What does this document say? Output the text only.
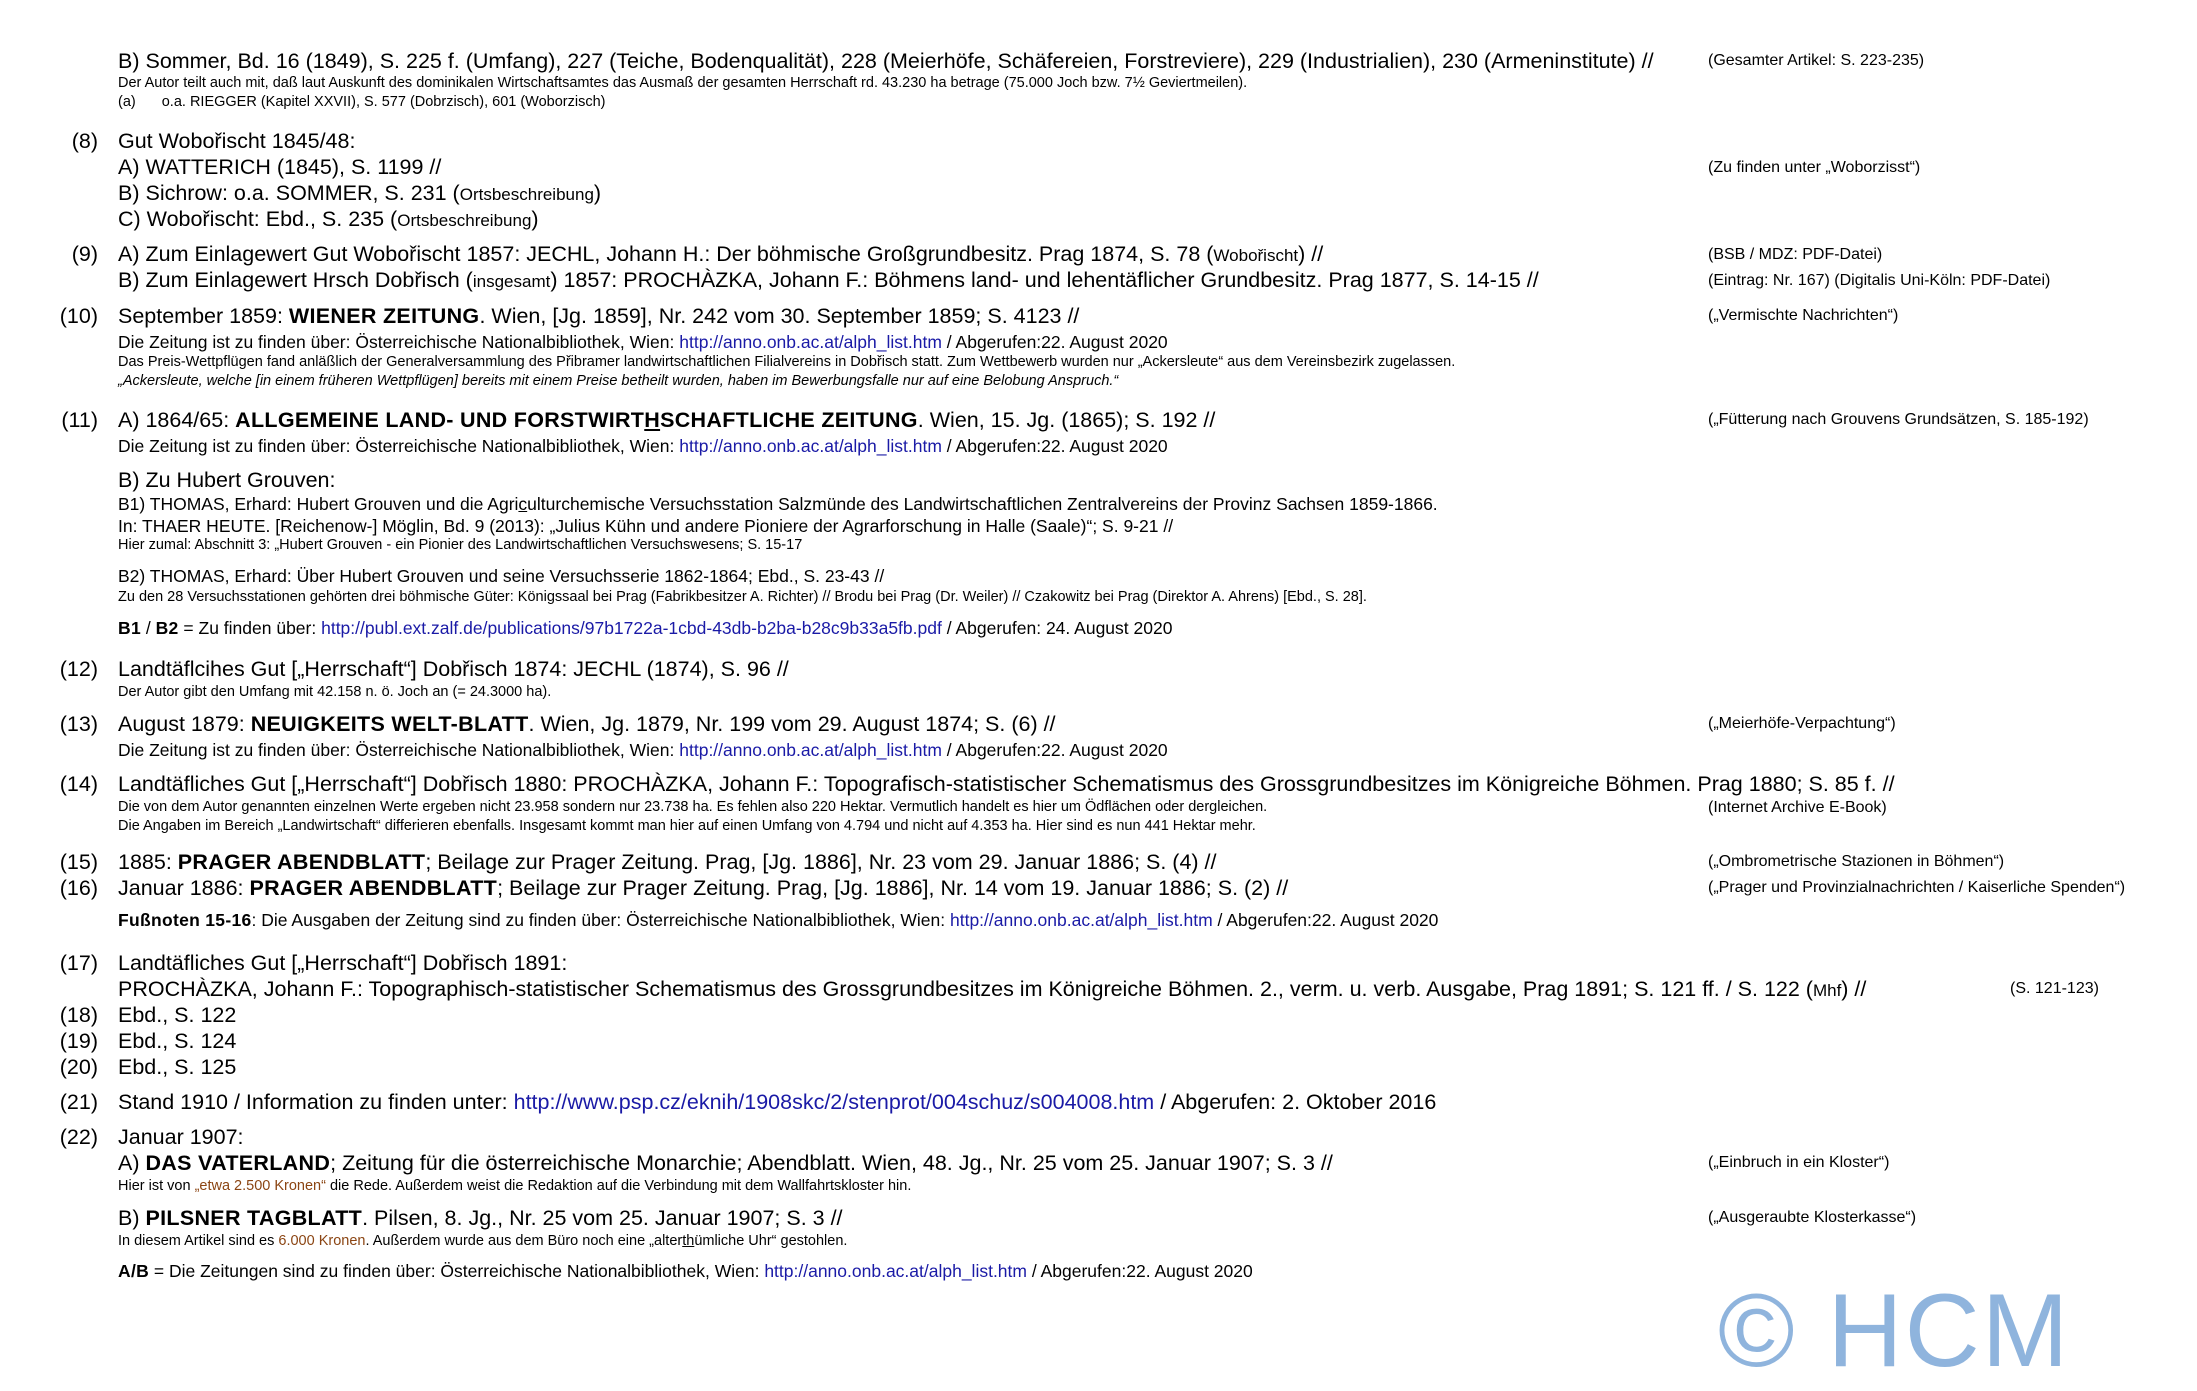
B) Sommer, Bd. 16 (1849), S. 225 f. (Umfang), 227 (Teiche, Bodenqualität), 228 (Meierhöfe, Schäfereien, Forstreviere), 229 (Industrialien), 230 (Armeninstitute) //	(Gesamter Artikel: S. 223-235)
Der Autor teilt auch mit, daß laut Auskunft des dominikalen Wirtschaftsamtes das Ausmaß der gesamten Herrschaft rd. 43.230 ha betrage (75.000 Joch bzw. 7½ Geviertmeilen).
(a) o.a. RIEGGER (Kapitel XXVII), S. 577 (Dobrzisch), 601 (Woborzisch)
(8) Gut Wobořischt 1845/48:
A) WATTERICH (1845), S. 1199 //	(Zu finden unter „Woborzisst“)
B) Sichrow: o.a. SOMMER, S. 231 (Ortsbeschreibung)
C) Wobořischt: Ebd., S. 235 (Ortsbeschreibung)
(9) A) Zum Einlagewert Gut Wobořischt 1857: JECHL, Johann H.: Der böhmische Großgrundbesitz. Prag 1874, S. 78 (Wobořischt) //	(BSB / MDZ: PDF-Datei)
B) Zum Einlagewert Hrsch Dobřisch (insgesamt) 1857: PROCHÀZKA, Johann F.: Böhmens land- und lehentäflicher Grundbesitz. Prag 1877, S. 14-15 //	(Eintrag: Nr. 167) (Digitalis Uni-Köln: PDF-Datei)
(10) September 1859: WIENER ZEITUNG. Wien, [Jg. 1859], Nr. 242 vom 30. September 1859; S. 4123 //	(„Vermischte Nachrichten“)
Die Zeitung ist zu finden über: Österreichische Nationalbibliothek, Wien: http://anno.onb.ac.at/alph_list.htm / Abgerufen:22. August 2020
Das Preis-Wettpflügen fand anläßlich der Generalversammlung des Přibramer landwirtschaftlichen Filialvereins in Dobřisch statt. Zum Wettbewerb wurden nur „Ackersleute“ aus dem Vereinsbezirk zugelassen.
„Ackersleute, welche [in einem früheren Wettpflügen] bereits mit einem Preise betheilt wurden, haben im Bewerbungsfalle nur auf eine Belobung Anspruch.“
(11) A) 1864/65: ALLGEMEINE LAND- UND FORSTWIRTHSCHAFTLICHE ZEITUNG. Wien, 15. Jg. (1865); S. 192 //	(„Fütterung nach Grouvens Grundsätzen, S. 185-192)
Die Zeitung ist zu finden über: Österreichische Nationalbibliothek, Wien: http://anno.onb.ac.at/alph_list.htm / Abgerufen:22. August 2020
B) Zu Hubert Grouven:
B1) THOMAS, Erhard: Hubert Grouven und die Agriculturchemische Versuchsstation Salzmünde des Landwirtschaftlichen Zentralvereins der Provinz Sachsen 1859-1866.
In: THAER HEUTE. [Reichenow-] Möglin, Bd. 9 (2013): „Julius Kühn und andere Pioniere der Agrarforschung in Halle (Saale)“; S. 9-21 //
Hier zumal: Abschnitt 3: „Hubert Grouven - ein Pionier des Landwirtschaftlichen Versuchswesens; S. 15-17
B2) THOMAS, Erhard: Über Hubert Grouven und seine Versuchsserie 1862-1864; Ebd., S. 23-43 //
Zu den 28 Versuchsstationen gehörten drei böhmische Güter: Königssaal bei Prag (Fabrikbesitzer A. Richter) // Brodu bei Prag (Dr. Weiler) // Czakowitz bei Prag (Direktor A. Ahrens) [Ebd., S. 28].
B1 / B2 = Zu finden über: http://publ.ext.zalf.de/publications/97b1722a-1cbd-43db-b2ba-b28c9b33a5fb.pdf / Abgerufen: 24. August 2020
(12) Landtäflcihes Gut [„Herrschaft“] Dobřisch 1874: JECHL (1874), S. 96 //
Der Autor gibt den Umfang mit 42.158 n. ö. Joch an (= 24.3000 ha).
(13) August 1879: NEUIGKEITS WELT-BLATT. Wien, Jg. 1879, Nr. 199 vom 29. August 1874; S. (6) //	(„Meierhöfe-Verpachtung“)
Die Zeitung ist zu finden über: Österreichische Nationalbibliothek, Wien: http://anno.onb.ac.at/alph_list.htm / Abgerufen:22. August 2020
(14) Landtäfliches Gut [„Herrschaft“] Dobřisch 1880: PROCHÀZKA, Johann F.: Topografisch-statistischer Schematismus des Grossgrundbesitzes im Königreiche Böhmen. Prag 1880; S. 85 f. //
Die von dem Autor genannten einzelnen Werte ergeben nicht 23.958 sondern nur 23.738 ha. Es fehlen also 220 Hektar. Vermutlich handelt es hier um Ödflächen oder dergleichen.	(Internet Archive E-Book)
Die Angaben im Bereich „Landwirtschaft“ differieren ebenfalls. Insgesamt kommt man hier auf einen Umfang von 4.794 und nicht auf 4.353 ha. Hier sind es nun 441 Hektar mehr.
(15) 1885: PRAGER ABENDBLATT; Beilage zur Prager Zeitung. Prag, [Jg. 1886], Nr. 23 vom 29. Januar 1886; S. (4) //	(„Ombrometrische Stazionen in Böhmen“)
(16) Januar 1886: PRAGER ABENDBLATT; Beilage zur Prager Zeitung. Prag, [Jg. 1886], Nr. 14 vom 19. Januar 1886; S. (2) //	(„Prager und Provinzialnachrichten / Kaiserliche Spenden“)
Fußnoten 15-16: Die Ausgaben der Zeitung sind zu finden über: Österreichische Nationalbibliothek, Wien: http://anno.onb.ac.at/alph_list.htm / Abgerufen:22. August 2020
(17) Landtäfliches Gut [„Herrschaft“] Dobřisch 1891:
PROCHÀZKA, Johann F.: Topographisch-statistischer Schematismus des Grossgrundbesitzes im Königreiche Böhmen. 2., verm. u. verb. Ausgabe, Prag 1891; S. 121 ff. / S. 122 (Mhf) //	(S. 121-123)
(18) Ebd., S. 122
(19) Ebd., S. 124
(20) Ebd., S. 125
(21) Stand 1910 / Information zu finden unter: http://www.psp.cz/eknih/1908skc/2/stenprot/004schuz/s004008.htm / Abgerufen: 2. Oktober 2016
(22) Januar 1907:
A) DAS VATERLAND; Zeitung für die österreichische Monarchie; Abendblatt. Wien, 48. Jg., Nr. 25 vom 25. Januar 1907; S. 3 //	(„Einbruch in ein Kloster“)
Hier ist von „etwa 2.500 Kronen“ die Rede. Außerdem weist die Redaktion auf die Verbindung mit dem Wallfahrtskloster hin.
B) PILSNER TAGBLATT. Pilsen, 8. Jg., Nr. 25 vom 25. Januar 1907; S. 3 //	(„Ausgeraubte Klosterkasse“)
In diesem Artikel sind es 6.000 Kronen. Außerdem wurde aus dem Büro noch eine „alterthümliche Uhr“ gestohlen.
A/B = Die Zeitungen sind zu finden über: Österreichische Nationalbibliothek, Wien: http://anno.onb.ac.at/alph_list.htm / Abgerufen:22. August 2020
© HCM
